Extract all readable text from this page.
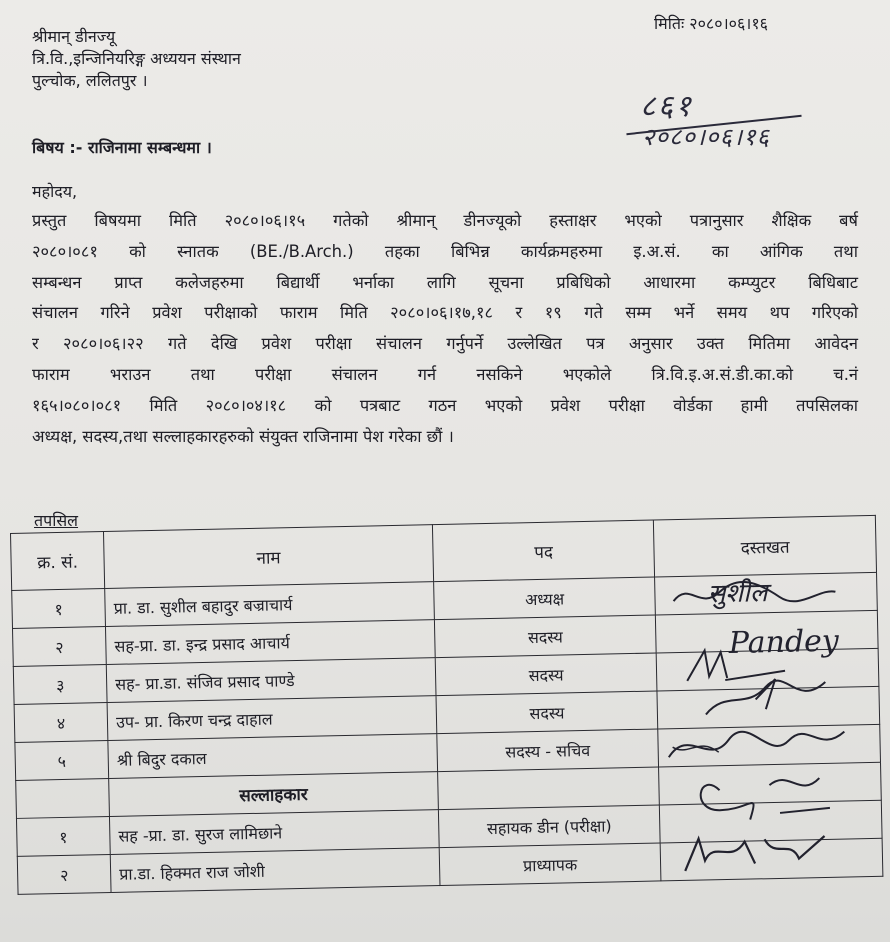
मितिः २०८०।०६।१६
श्रीमान् डीनज्यू
त्रि.वि.,इन्जिनियरिङ्ग अध्ययन संस्थान
पुल्चोक, ललितपुर ।
८६१
२०८०।०६।१६
बिषय :- राजिनामा सम्बन्धमा ।
महोदय,
प्रस्तुत बिषयमा मिति २०८०।०६।१५ गतेको श्रीमान् डीनज्यूको हस्ताक्षर भएको पत्रानुसार शैक्षिक बर्ष
२०८०।०८१ को स्नातक (BE./B.Arch.) तहका बिभिन्न कार्यक्रमहरुमा इ.अ.सं. का आंगिक तथा
सम्बन्धन प्राप्त कलेजहरुमा बिद्यार्थी भर्नाका लागि सूचना प्रबिधिको आधारमा कम्प्युटर बिधिबाट
संचालन गरिने प्रवेश परीक्षाको फाराम मिति २०८०।०६।१७,१८ र १९ गते सम्म भर्ने समय थप गरिएको
र २०८०।०६।२२ गते देखि प्रवेश परीक्षा संचालन गर्नुपर्ने उल्लेखित पत्र अनुसार उक्त मितिमा आवेदन
फाराम भराउन तथा परीक्षा संचालन गर्न नसकिने भएकोले त्रि.वि.इ.अ.सं.डी.का.को च.नं
१६५।०८०।०८१ मिति २०८०।०४।१८ को पत्रबाट गठन भएको प्रवेश परीक्षा वोर्डका हामी तपसिलका
अध्यक्ष, सदस्य,तथा सल्लाहकारहरुको संयुक्त राजिनामा पेश गरेका छौं ।
तपसिल
क्र. सं.	नाम	पद	दस्तखत
१	प्रा. डा. सुशील बहादुर बज्राचार्य	अध्यक्ष	सुशील

२	सह-प्रा. डा. इन्द्र प्रसाद आचार्य	सदस्य	
३	सह- प्रा.डा. संजिव प्रसाद पाण्डे	सदस्य	Pandey

४	उप- प्रा. किरण चन्द्र दाहाल	सदस्य	

५	श्री बिदुर दकाल	सदस्य - सचिव	

	सल्लाहकार		
१	सह -प्रा. डा. सुरज लामिछाने	सहायक डीन (परीक्षा)	

२	प्रा.डा. हिक्मत राज जोशी	प्राध्यापक	
